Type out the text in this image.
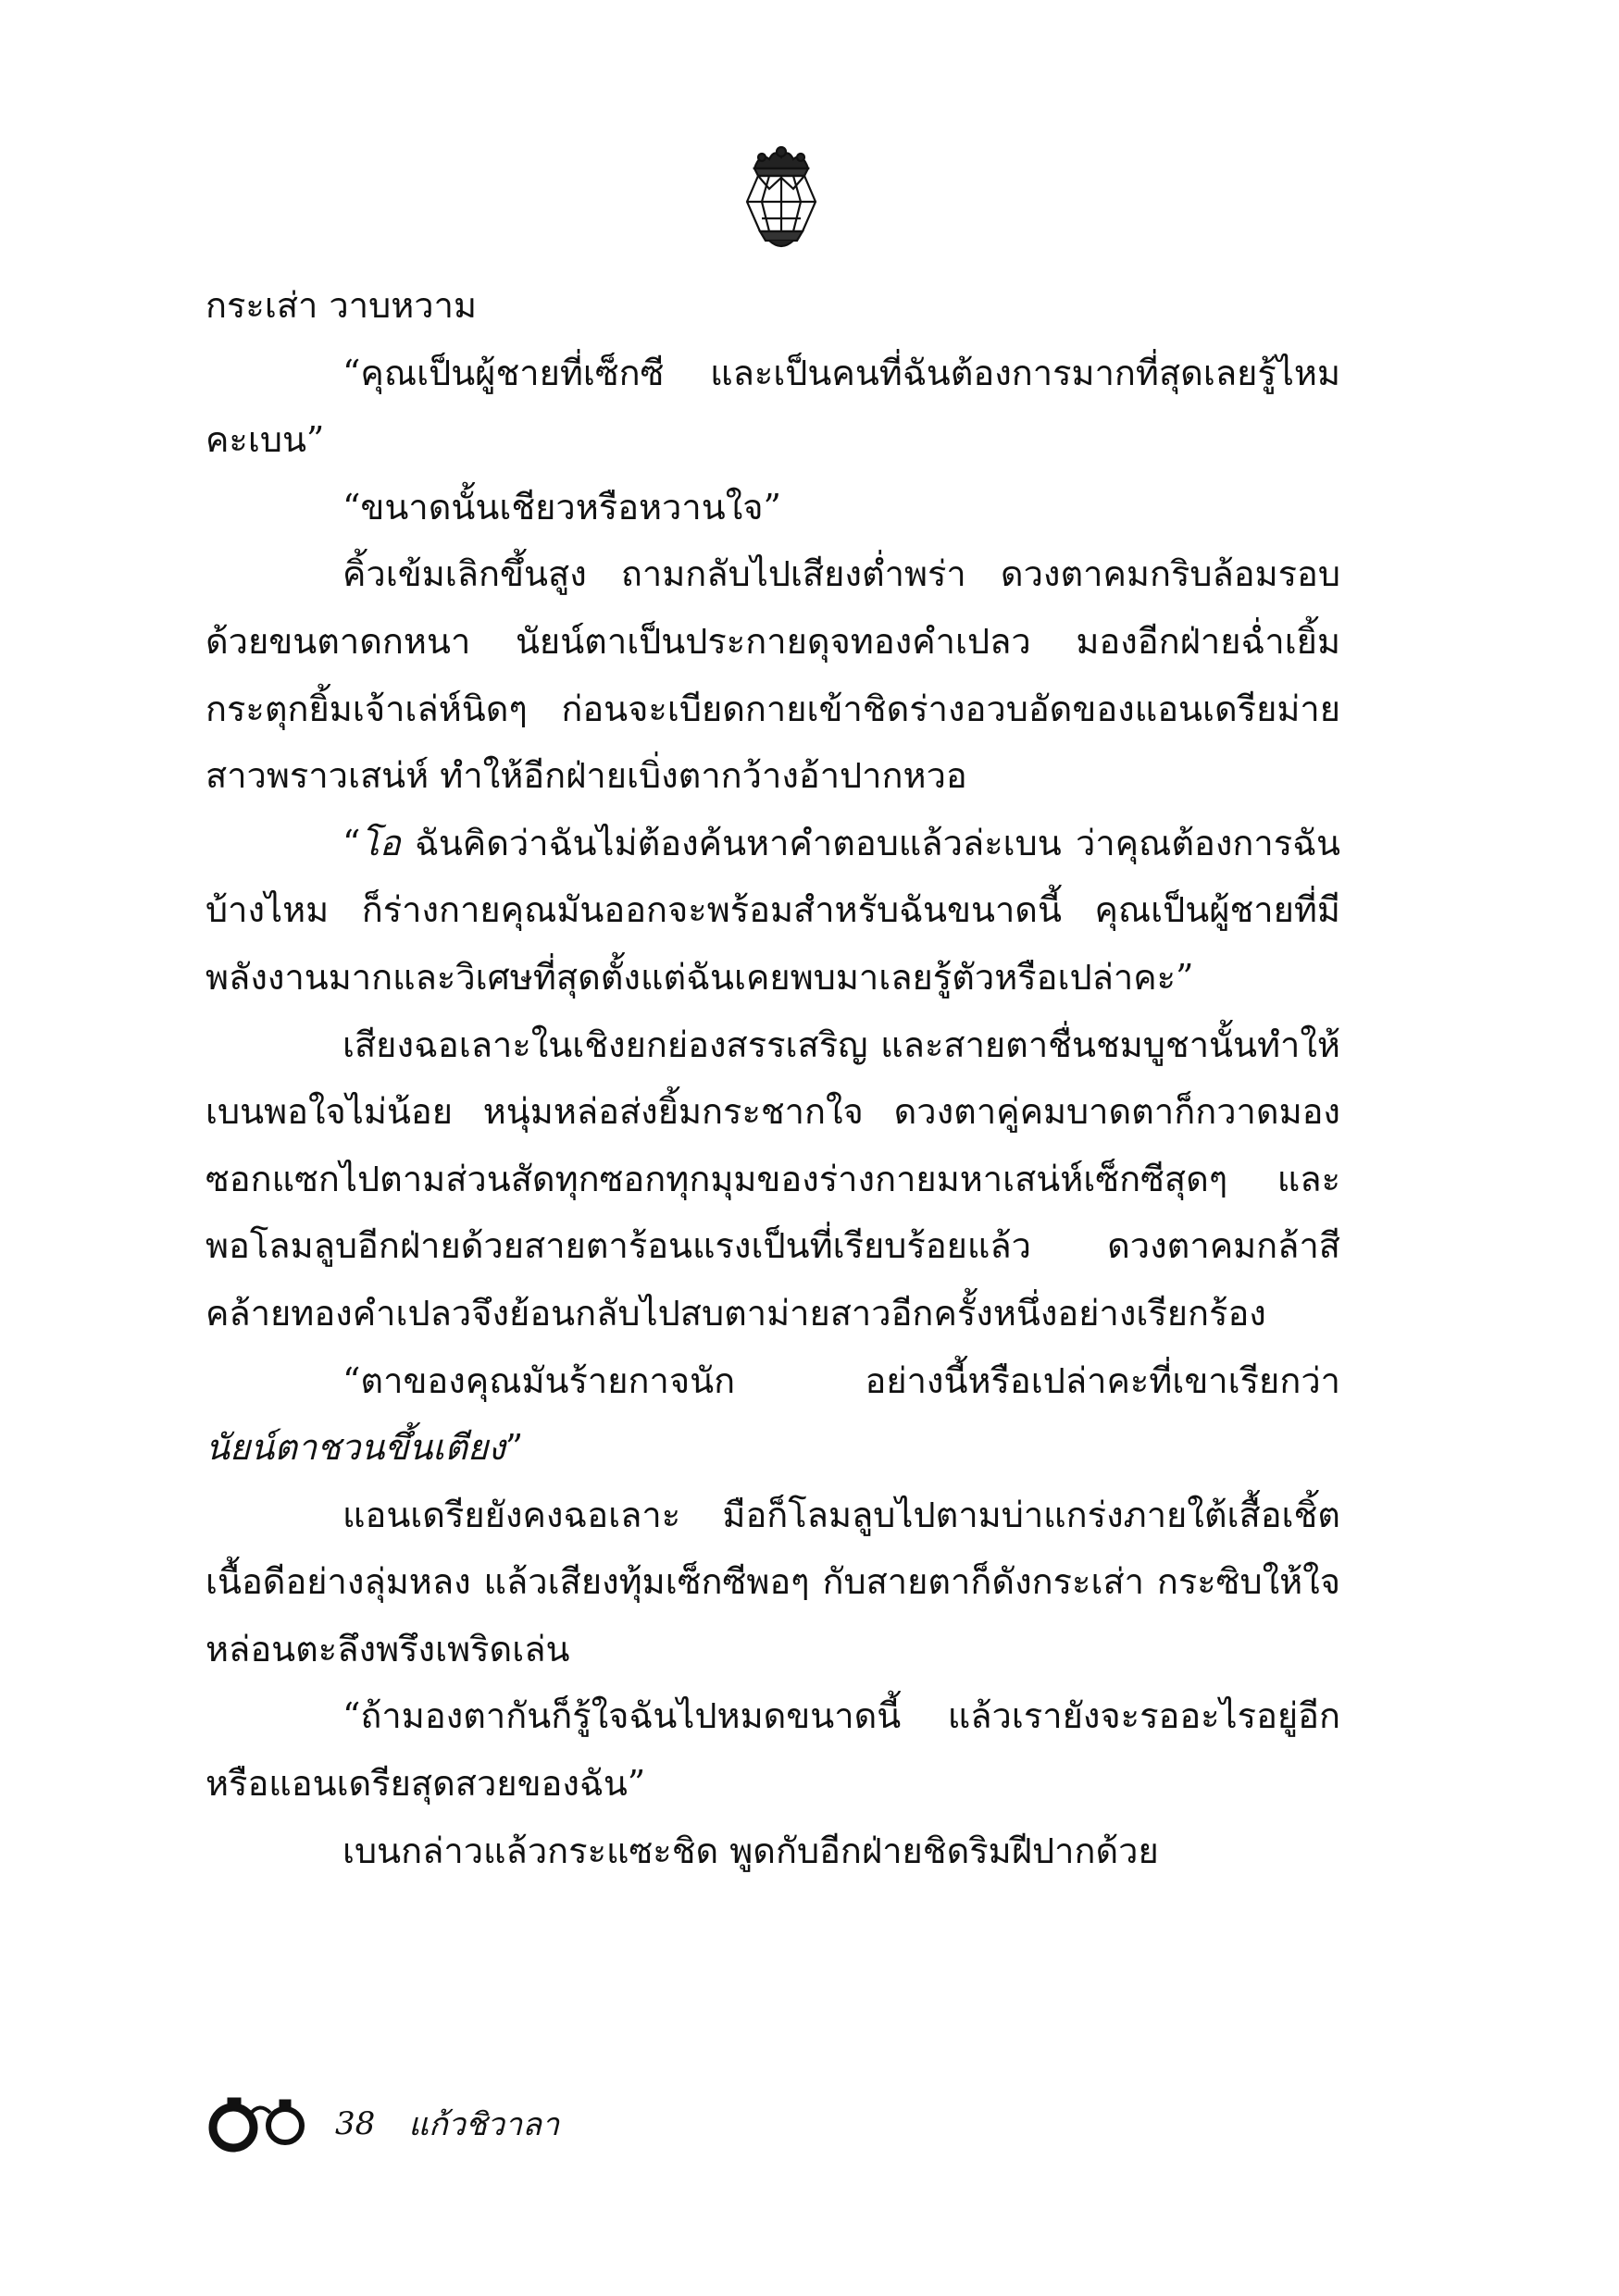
กระเส่า วาบหวาม

“คุณเป็นผู้ชายที่เซ็กซี และเป็นคนที่ฉันต้องการมากที่สุดเลยรู้ไหมคะเบน”

“ขนาดนั้นเชียวหรือหวานใจ”

คิ้วเข้มเลิกขึ้นสูง ถามกลับไปเสียงต่ำพร่า ดวงตาคมกริบล้อมรอบด้วยขนตาดกหนา นัยน์ตาเป็นประกายดุจทองคำเปลว มองอีกฝ่ายฉ่ำเยิ้ม กระตุกยิ้มเจ้าเล่ห์นิดๆ ก่อนจะเบียดกายเข้าชิดร่างอวบอัดของแอนเดรียม่ายสาวพราวเสน่ห์ ทำให้อีกฝ่ายเบิ่งตากว้างอ้าปากหวอ

“โอ ฉันคิดว่าฉันไม่ต้องค้นหาคำตอบแล้วล่ะเบน ว่าคุณต้องการฉันบ้างไหม ก็ร่างกายคุณมันออกจะพร้อมสำหรับฉันขนาดนี้ คุณเป็นผู้ชายที่มีพลังงานมากและวิเศษที่สุดตั้งแต่ฉันเคยพบมาเลยรู้ตัวหรือเปล่าคะ”

เสียงฉอเลาะในเชิงยกย่องสรรเสริญ และสายตาชื่นชมบูชานั้นทำให้เบนพอใจไม่น้อย หนุ่มหล่อส่งยิ้มกระชากใจ ดวงตาคู่คมบาดตาก็กวาดมองซอกแซกไปตามส่วนสัดทุกซอกทุกมุมของร่างกายมหาเสน่ห์เซ็กซีสุดๆ และพอโลมลูบอีกฝ่ายด้วยสายตาร้อนแรงเป็นที่เรียบร้อยแล้ว ดวงตาคมกล้าสีคล้ายทองคำเปลวจึงย้อนกลับไปสบตาม่ายสาวอีกครั้งหนึ่งอย่างเรียกร้อง

“ตาของคุณมันร้ายกาจนัก อย่างนี้หรือเปล่าคะที่เขาเรียกว่า นัยน์ตาชวนขึ้นเตียง”

แอนเดรียยังคงฉอเลาะ มือก็โลมลูบไปตามบ่าแกร่งภายใต้เสื้อเชิ้ตเนื้อดีอย่างลุ่มหลง แล้วเสียงทุ้มเซ็กซีพอๆ กับสายตาก็ดังกระเส่า กระซิบให้ใจหล่อนตะลึงพรึงเพริดเล่น

“ถ้ามองตากันก็รู้ใจฉันไปหมดขนาดนี้ แล้วเรายังจะรออะไรอยู่อีกหรือแอนเดรียสุดสวยของฉัน”

เบนกล่าวแล้วกระแซะชิด พูดกับอีกฝ่ายชิดริมฝีปากด้วย

38 แก้วชิวาลา
